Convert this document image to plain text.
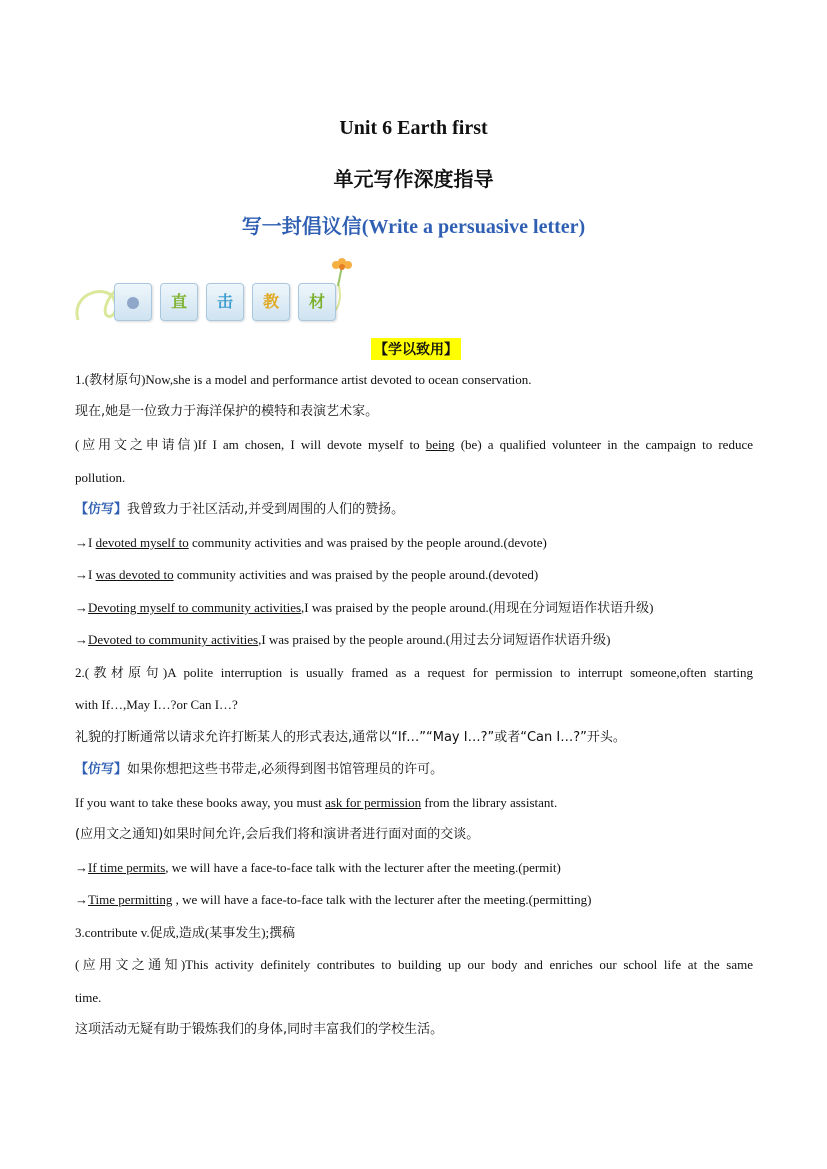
Unit 6 Earth first
单元写作深度指导
写一封倡议信(Write a persuasive letter)
直	击	教	材
【学以致用】
1.(教材原句)Now,she is a model and performance artist devoted to ocean conservation.
现在,她是一位致力于海洋保护的模特和表演艺术家。
(应用文之申请信)If I am chosen, I will devote myself to being (be) a qualified volunteer in the campaign to reduce
pollution.
【仿写】我曾致力于社区活动,并受到周围的人们的赞扬。
→I devoted myself to community activities and was praised by the people around.(devote)
→I was devoted to community activities and was praised by the people around.(devoted)
→Devoting myself to community activities,I was praised by the people around.(用现在分词短语作状语升级)
→Devoted to community activities,I was praised by the people around.(用过去分词短语作状语升级)
2.(教材原句)A polite interruption is usually framed as a request for permission to interrupt someone,often starting
with If…,May I…?or Can I…?
礼貌的打断通常以请求允许打断某人的形式表达,通常以“If…”“May I…?”或者“Can I…?”开头。
【仿写】如果你想把这些书带走,必须得到图书馆管理员的许可。
If you want to take these books away, you must ask for permission from the library assistant.
(应用文之通知)如果时间允许,会后我们将和演讲者进行面对面的交谈。
→If time permits, we will have a face-to-face talk with the lecturer after the meeting.(permit)
→Time permitting , we will have a face-to-face talk with the lecturer after the meeting.(permitting)
3.contribute v.促成,造成(某事发生);撰稿
(应用文之通知)This activity definitely contributes to building up our body and enriches our school life at the same
time.
这项活动无疑有助于锻炼我们的身体,同时丰富我们的学校生活。
